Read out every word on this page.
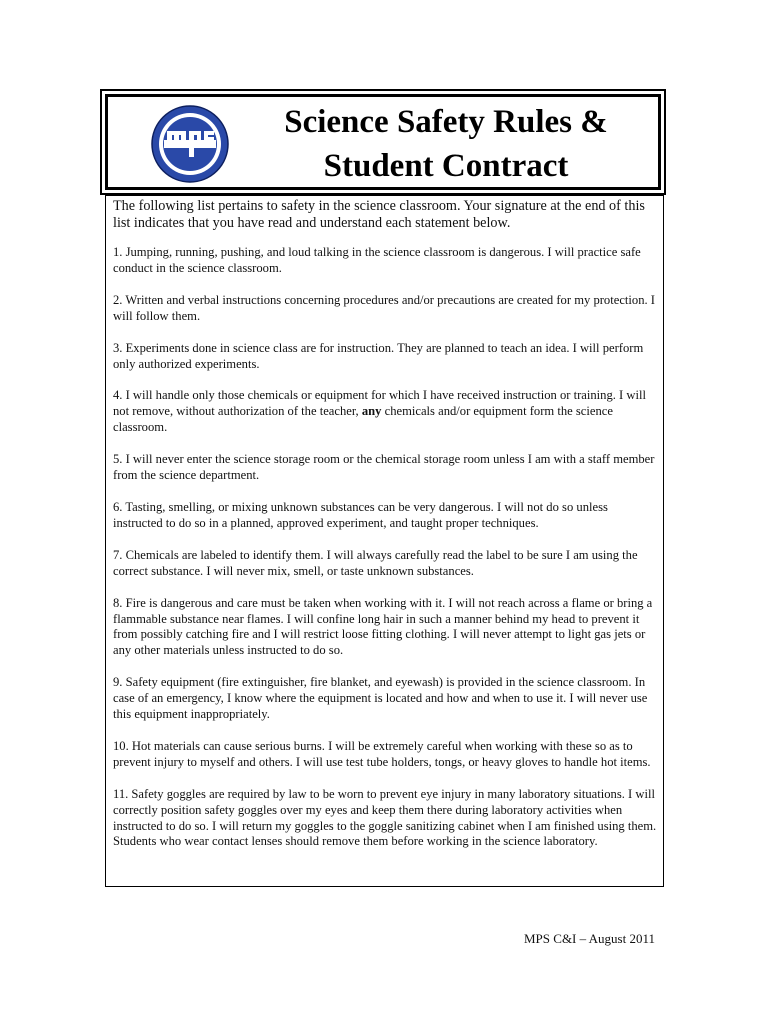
Science Safety Rules &
Student Contract

The following list pertains to safety in the science classroom. Your signature at the end of this list indicates that you have read and understand each statement below.

1. Jumping, running, pushing, and loud talking in the science classroom is dangerous. I will practice safe conduct in the science classroom.

2. Written and verbal instructions concerning procedures and/or precautions are created for my protection. I will follow them.

3. Experiments done in science class are for instruction. They are planned to teach an idea. I will perform only authorized experiments.

4. I will handle only those chemicals or equipment for which I have received instruction or training. I will not remove, without authorization of the teacher, any chemicals and/or equipment form the science classroom.

5. I will never enter the science storage room or the chemical storage room unless I am with a staff member from the science department.

6. Tasting, smelling, or mixing unknown substances can be very dangerous. I will not do so unless instructed to do so in a planned, approved experiment, and taught proper techniques.

7. Chemicals are labeled to identify them. I will always carefully read the label to be sure I am using the correct substance. I will never mix, smell, or taste unknown substances.

8. Fire is dangerous and care must be taken when working with it. I will not reach across a flame or bring a flammable substance near flames. I will confine long hair in such a manner behind my head to prevent it from possibly catching fire and I will restrict loose fitting clothing. I will never attempt to light gas jets or any other materials unless instructed to do so.

9. Safety equipment (fire extinguisher, fire blanket, and eyewash) is provided in the science classroom. In case of an emergency, I know where the equipment is located and how and when to use it. I will never use this equipment inappropriately.

10. Hot materials can cause serious burns. I will be extremely careful when working with these so as to prevent injury to myself and others. I will use test tube holders, tongs, or heavy gloves to handle hot items.

11. Safety goggles are required by law to be worn to prevent eye injury in many laboratory situations. I will correctly position safety goggles over my eyes and keep them there during laboratory activities when instructed to do so. I will return my goggles to the goggle sanitizing cabinet when I am finished using them. Students who wear contact lenses should remove them before working in the science laboratory.

MPS C&I – August 2011
